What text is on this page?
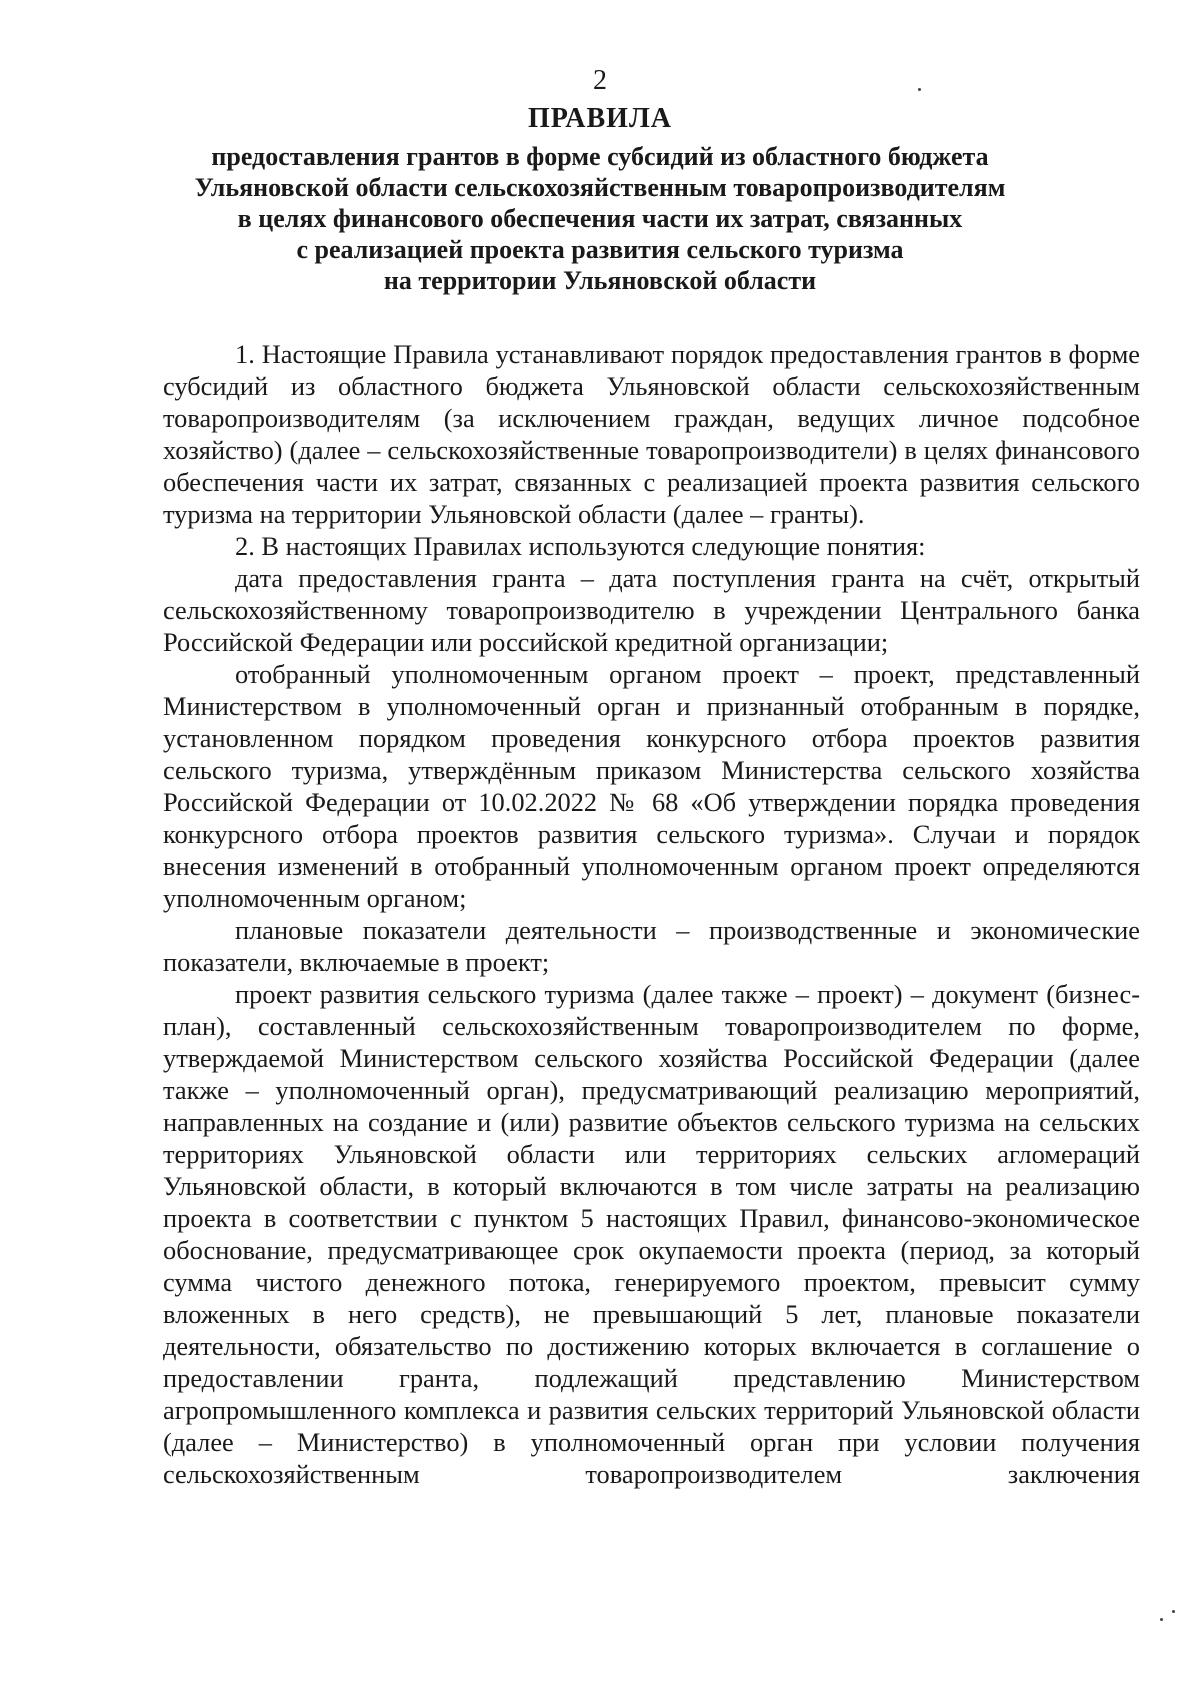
2
ПРАВИЛА
предоставления грантов в форме субсидий из областного бюджета
Ульяновской области сельскохозяйственным товаропроизводителям
в целях финансового обеспечения части их затрат, связанных
с реализацией проекта развития сельского туризма
на территории Ульяновской области

1. Настоящие Правила устанавливают порядок предоставления грантов в форме субсидий из областного бюджета Ульяновской области сельскохозяйственным товаропроизводителям (за исключением граждан, ведущих личное подсобное хозяйство) (далее – сельскохозяйственные товаропроизводители) в целях финансового обеспечения части их затрат, связанных с реализацией проекта развития сельского туризма на территории Ульяновской области (далее – гранты).

2. В настоящих Правилах используются следующие понятия:

дата предоставления гранта – дата поступления гранта на счёт, открытый сельскохозяйственному товаропроизводителю в учреждении Центрального банка Российской Федерации или российской кредитной организации;

отобранный уполномоченным органом проект – проект, представленный Министерством в уполномоченный орган и признанный отобранным в порядке, установленном порядком проведения конкурсного отбора проектов развития сельского туризма, утверждённым приказом Министерства сельского хозяйства Российской Федерации от 10.02.2022 № 68 «Об утверждении порядка проведения конкурсного отбора проектов развития сельского туризма». Случаи и порядок внесения изменений в отобранный уполномоченным органом проект определяются уполномоченным органом;

плановые показатели деятельности – производственные и экономические показатели, включаемые в проект;

проект развития сельского туризма (далее также – проект) – документ (бизнес-план), составленный сельскохозяйственным товаропроизводителем по форме, утверждаемой Министерством сельского хозяйства Российской Федерации (далее также – уполномоченный орган), предусматривающий реализацию мероприятий, направленных на создание и (или) развитие объектов сельского туризма на сельских территориях Ульяновской области или территориях сельских агломераций Ульяновской области, в который включаются в том числе затраты на реализацию проекта в соответствии с пунктом 5 настоящих Правил, финансово-экономическое обоснование, предусматривающее срок окупаемости проекта (период, за который сумма чистого денежного потока, генерируемого проектом, превысит сумму вложенных в него средств), не превышающий 5 лет, плановые показатели деятельности, обязательство по достижению которых включается в соглашение о предоставлении гранта, подлежащий представлению Министерством агропромышленного комплекса и развития сельских территорий Ульяновской области (далее – Министерство) в уполномоченный орган при условии получения сельскохозяйственным товаропроизводителем заключения
